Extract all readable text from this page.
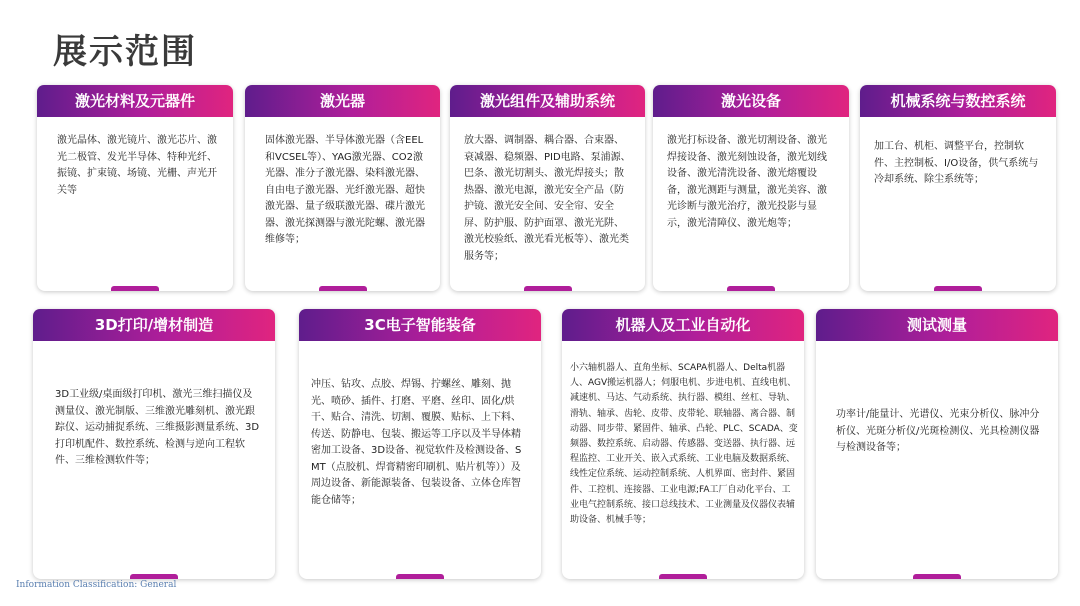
展示范围
激光材料及元器件
激光晶体、激光镜片、激光芯片、激光二极管、发光半导体、特种光纤、振镜、扩束镜、场镜、光栅、声光开关等
激光器
固体激光器、半导体激光器（含EEL和VCSEL等）、YAG激光器、CO2激光器、准分子激光器、染料激光器、自由电子激光器、光纤激光器、超快激光器、量子级联激光器、碟片激光器、激光探测器与激光陀螺、激光器维修等；
激光组件及辅助系统
放大器、调制器、耦合器、合束器、衰减器、稳频器、PID电路、泵浦源、巴条、激光切割头、激光焊接头；散热器、激光电源，激光安全产品（防护镜、激光安全间、安全帘、安全屏、防护服、防护面罩、激光光阱、激光校验纸、激光看光板等）、激光类服务等；
激光设备
激光打标设备、激光切割设备、激光焊接设备、激光刻蚀设备，激光划线设备、激光清洗设备、激光熔覆设备，激光测距与测量，激光美容、激光诊断与激光治疗，激光投影与显示，激光清障仪、激光炮等；
机械系统与数控系统
加工台、机柜、调整平台，控制软件、主控制板、I/O设备，供气系统与冷却系统、除尘系统等；
3D打印/增材制造
3D工业级/桌面级打印机、激光三维扫描仪及测量仪、激光制版、三维激光雕刻机、激光跟踪仪、运动捕捉系统、三维摄影测量系统、3D打印机配件、数控系统、检测与逆向工程软件、三维检测软件等；
3C电子智能装备
冲压、钻攻、点胶、焊锡、拧螺丝、雕刻、抛光、喷砂、插件、打磨、平磨、丝印、固化/烘干、贴合、清洗、切割、覆膜、贴标、上下料、传送、防静电、包装、搬运等工序以及半导体精密加工设备、3D设备、视觉软件及检测设备、SMT（点胶机、焊膏精密印刷机、贴片机等））及周边设备、新能源装备、包装设备、立体仓库智能仓储等；
机器人及工业自动化
小六轴机器人、直角坐标、SCAPA机器人、Delta机器人、AGV搬运机器人；伺服电机、步进电机、直线电机、减速机、马达、气动系统、执行器、模组、丝杠、导轨、滑轨、轴承、齿轮、皮带、皮带轮、联轴器、离合器、制动器、同步带、紧固件、轴承、凸轮、PLC、SCADA、变频器、数控系统、启动器、传感器、变送器、执行器、远程监控、工业开关、嵌入式系统、工业电脑及数据系统、线性定位系统、运动控制系统、人机界面、密封件、紧固件、工控机、连接器、工业电源;FA工厂自动化平台、工业电气控制系统、接口总线技术、工业测量及仪器仪表辅助设备、机械手等；
测试测量
功率计/能量计、光谱仪、光束分析仪、脉冲分析仪、光斑分析仪/光斑检测仪、光具检测仪器与检测设备等；
Information Classification: General
